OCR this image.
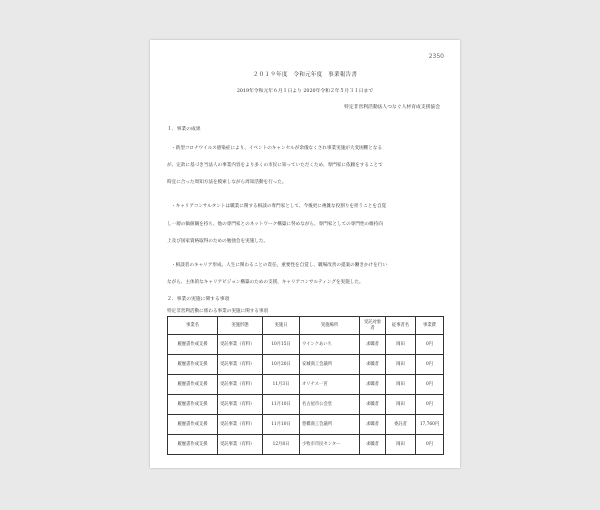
2350
２０１９年度　令和元年度　事業報告書
2019年令和元年６月１日より 2020年令和２年５月３１日まで
特定非営利活動法人つなぐ人材育成支援協会
１．事業の成果
・新型コロナウイルス感染症により、イベントのキャンセルが余儀なくされ事業実施が大変困難となる
が、定款に基づき当法人の事業内容をより多くの市民に知っていただくため、専門家に依頼をすることで
時宜に合った周知方法を模索しながら周知活動を行った。
・キャリアコンサルタントは職業に関する相談の専門家として、今後更に複雑な役割りを担うことを自覚
し一層の価値観を持ち、他の専門家とのネットワーク構築に努めながら、専門家としての専門性の維持向
上及び国家資格取得のための勉強会を実施した。
・相談者のキャリア形成、人生に関わることの責任、重要性を自覚し、職場改善の提案の働きかけを行い
ながら、主体的なキャリアビジョン構築のための支援、キャリアコンサルティングを実施した。
２．事業の実施に関する事項
特定非営利活動に係わる事業の実施に関する事項
事業名	実施形態	実施日	実施場所	受託対象者	従事者名	事業費
履歴書作成支援	受託事業（有料）	10月15日	ウインクあいち	求職者	岡田	0円
履歴書作成支援	受託事業（有料）	10月20日	安城商工会議所	求職者	岡田	0円
履歴書作成支援	受託事業（有料）	11月3日	オリナス一宮	求職者	岡田	0円
履歴書作成支援	受託事業（有料）	11月10日	名古屋市公会堂	求職者	岡田	0円
履歴書作成支援	受託事業（有料）	11月10日	豊橋商工会議所	求職者	委託者	17,760円
履歴書作成支援	受託事業（有料）	12月8日	小牧市市民センター	求職者	岡田	0円
